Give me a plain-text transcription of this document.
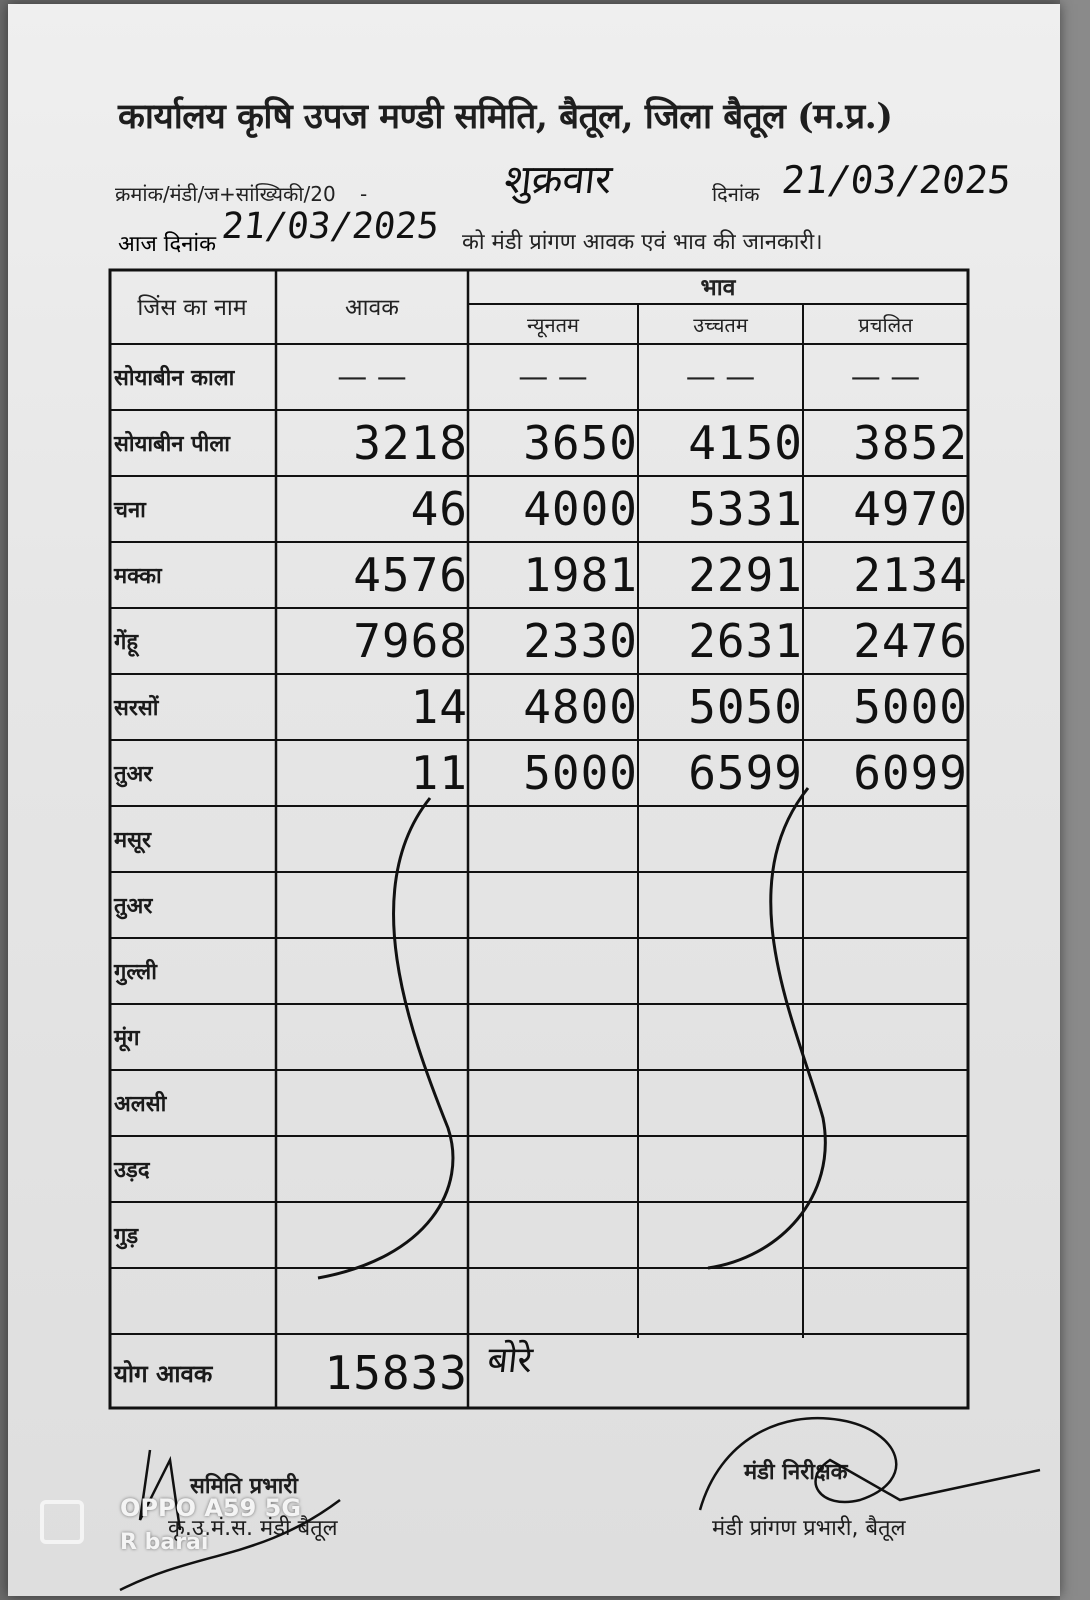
कार्यालय कृषि उपज मण्डी समिति, बैतूल, जिला बैतूल (म.प्र.)
क्रमांक/मंडी/ज+सांख्यिकी/20 -	शुक्रवार	दिनांक 21/03/2025
आज दिनांक 21/03/2025 को मंडी प्रांगण आवक एवं भाव की जानकारी।
जिंस का नाम	आवक
भाव
न्यूनतम	उच्चतम	प्रचलित
सोयाबीन काला	— —	— —	— —	— —
सोयाबीन पीला	3218	3650	4150	3852
चना	46	4000	5331	4970
मक्का	4576	1981	2291	2134
गेंहू	7968	2330	2631	2476
सरसों	14	4800	5050	5000
तुअर	11	5000	6599	6099
मसूर
तुअर
गुल्ली
मूंग
अलसी
उड़द
गुड़
योग आवक	15833 बोरे
समिति प्रभारी
कृ.उ.मं.स. मंडी बैतूल
मंडी निरीक्षक
मंडी प्रांगण प्रभारी, बैतूल
OPPO A59 5G
R barai
